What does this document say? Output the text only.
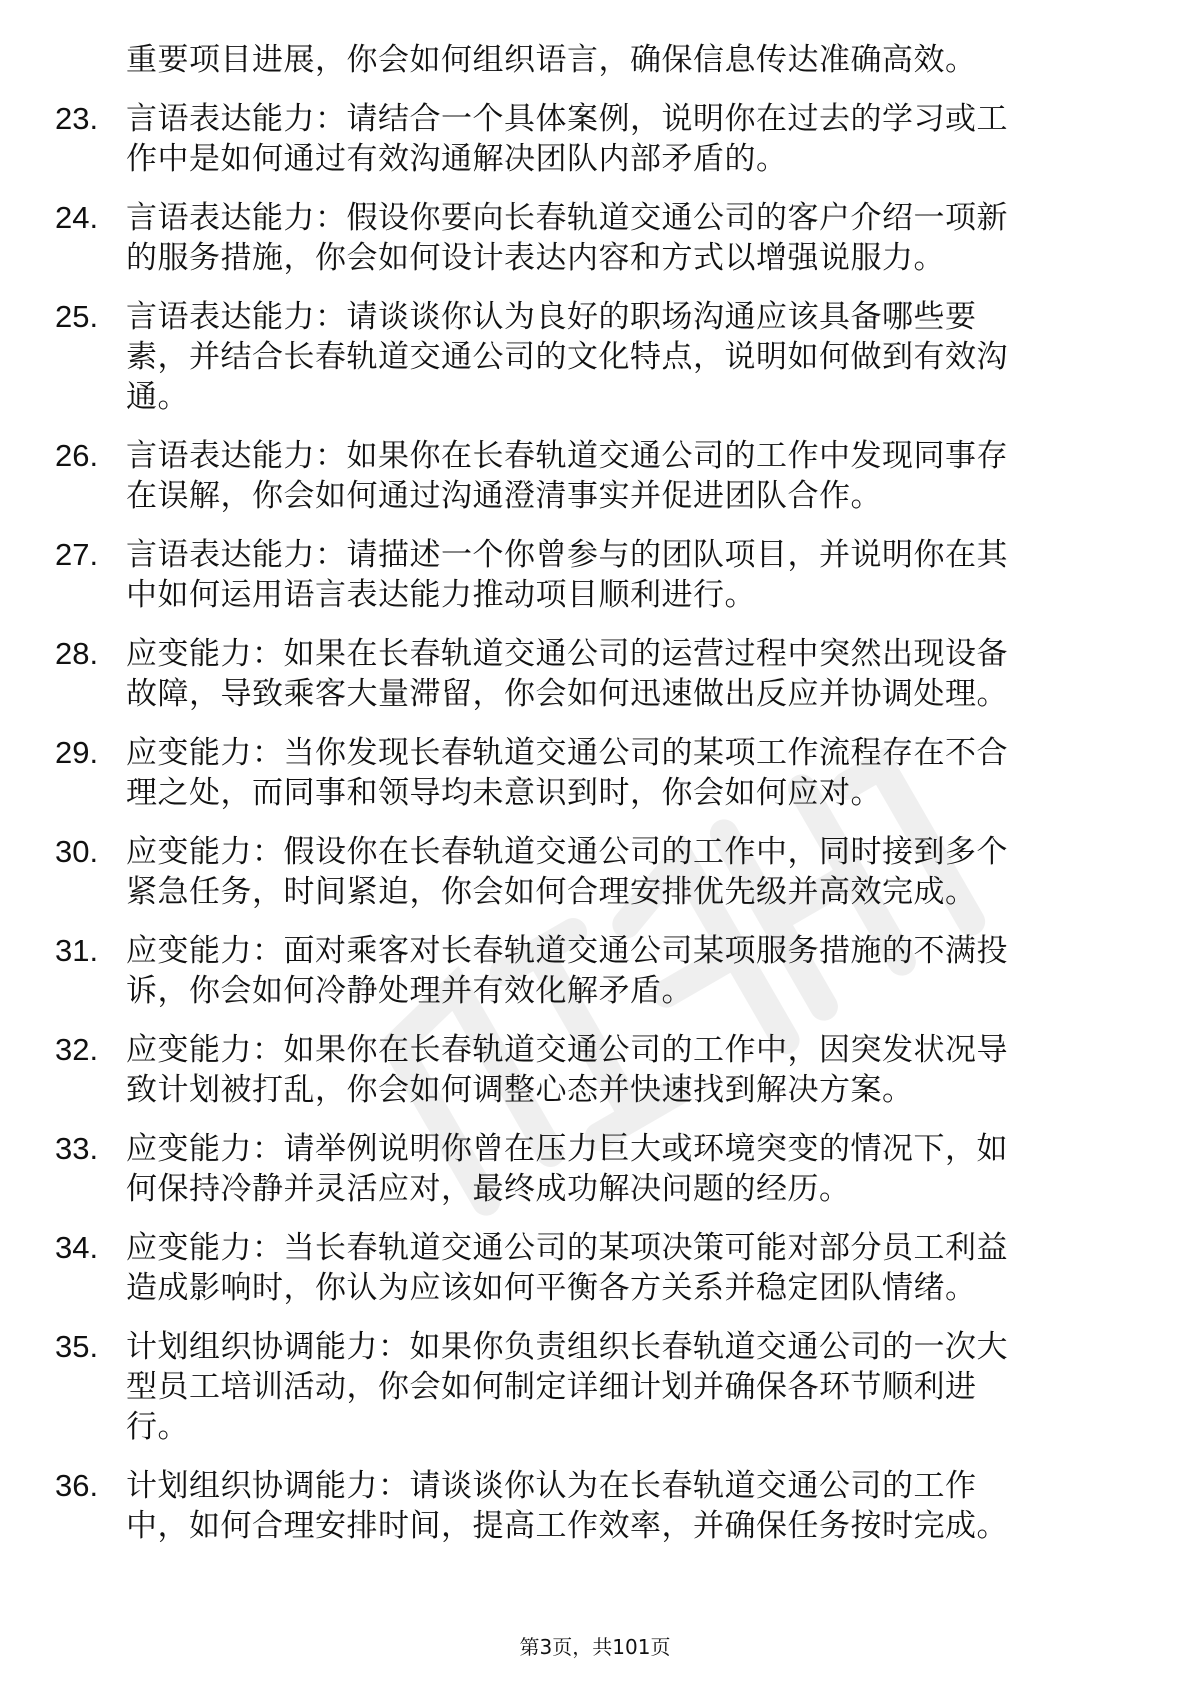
重要项目进展，你会如何组织语言，确保信息传达准确高效。
23. 言语表达能力：请结合一个具体案例，说明你在过去的学习或工
作中是如何通过有效沟通解决团队内部矛盾的。
24. 言语表达能力：假设你要向长春轨道交通公司的客户介绍一项新
的服务措施，你会如何设计表达内容和方式以增强说服力。
25. 言语表达能力：请谈谈你认为良好的职场沟通应该具备哪些要
素，并结合长春轨道交通公司的文化特点，说明如何做到有效沟
通。
26. 言语表达能力：如果你在长春轨道交通公司的工作中发现同事存
在误解，你会如何通过沟通澄清事实并促进团队合作。
27. 言语表达能力：请描述一个你曾参与的团队项目，并说明你在其
中如何运用语言表达能力推动项目顺利进行。
28. 应变能力：如果在长春轨道交通公司的运营过程中突然出现设备
故障，导致乘客大量滞留，你会如何迅速做出反应并协调处理。
29. 应变能力：当你发现长春轨道交通公司的某项工作流程存在不合
理之处，而同事和领导均未意识到时，你会如何应对。
30. 应变能力：假设你在长春轨道交通公司的工作中，同时接到多个
紧急任务，时间紧迫，你会如何合理安排优先级并高效完成。
31. 应变能力：面对乘客对长春轨道交通公司某项服务措施的不满投
诉，你会如何冷静处理并有效化解矛盾。
32. 应变能力：如果你在长春轨道交通公司的工作中，因突发状况导
致计划被打乱，你会如何调整心态并快速找到解决方案。
33. 应变能力：请举例说明你曾在压力巨大或环境突变的情况下，如
何保持冷静并灵活应对，最终成功解决问题的经历。
34. 应变能力：当长春轨道交通公司的某项决策可能对部分员工利益
造成影响时，你认为应该如何平衡各方关系并稳定团队情绪。
35. 计划组织协调能力：如果你负责组织长春轨道交通公司的一次大
型员工培训活动，你会如何制定详细计划并确保各环节顺利进
行。
36. 计划组织协调能力：请谈谈你认为在长春轨道交通公司的工作
中，如何合理安排时间，提高工作效率，并确保任务按时完成。
第3页，共101页
